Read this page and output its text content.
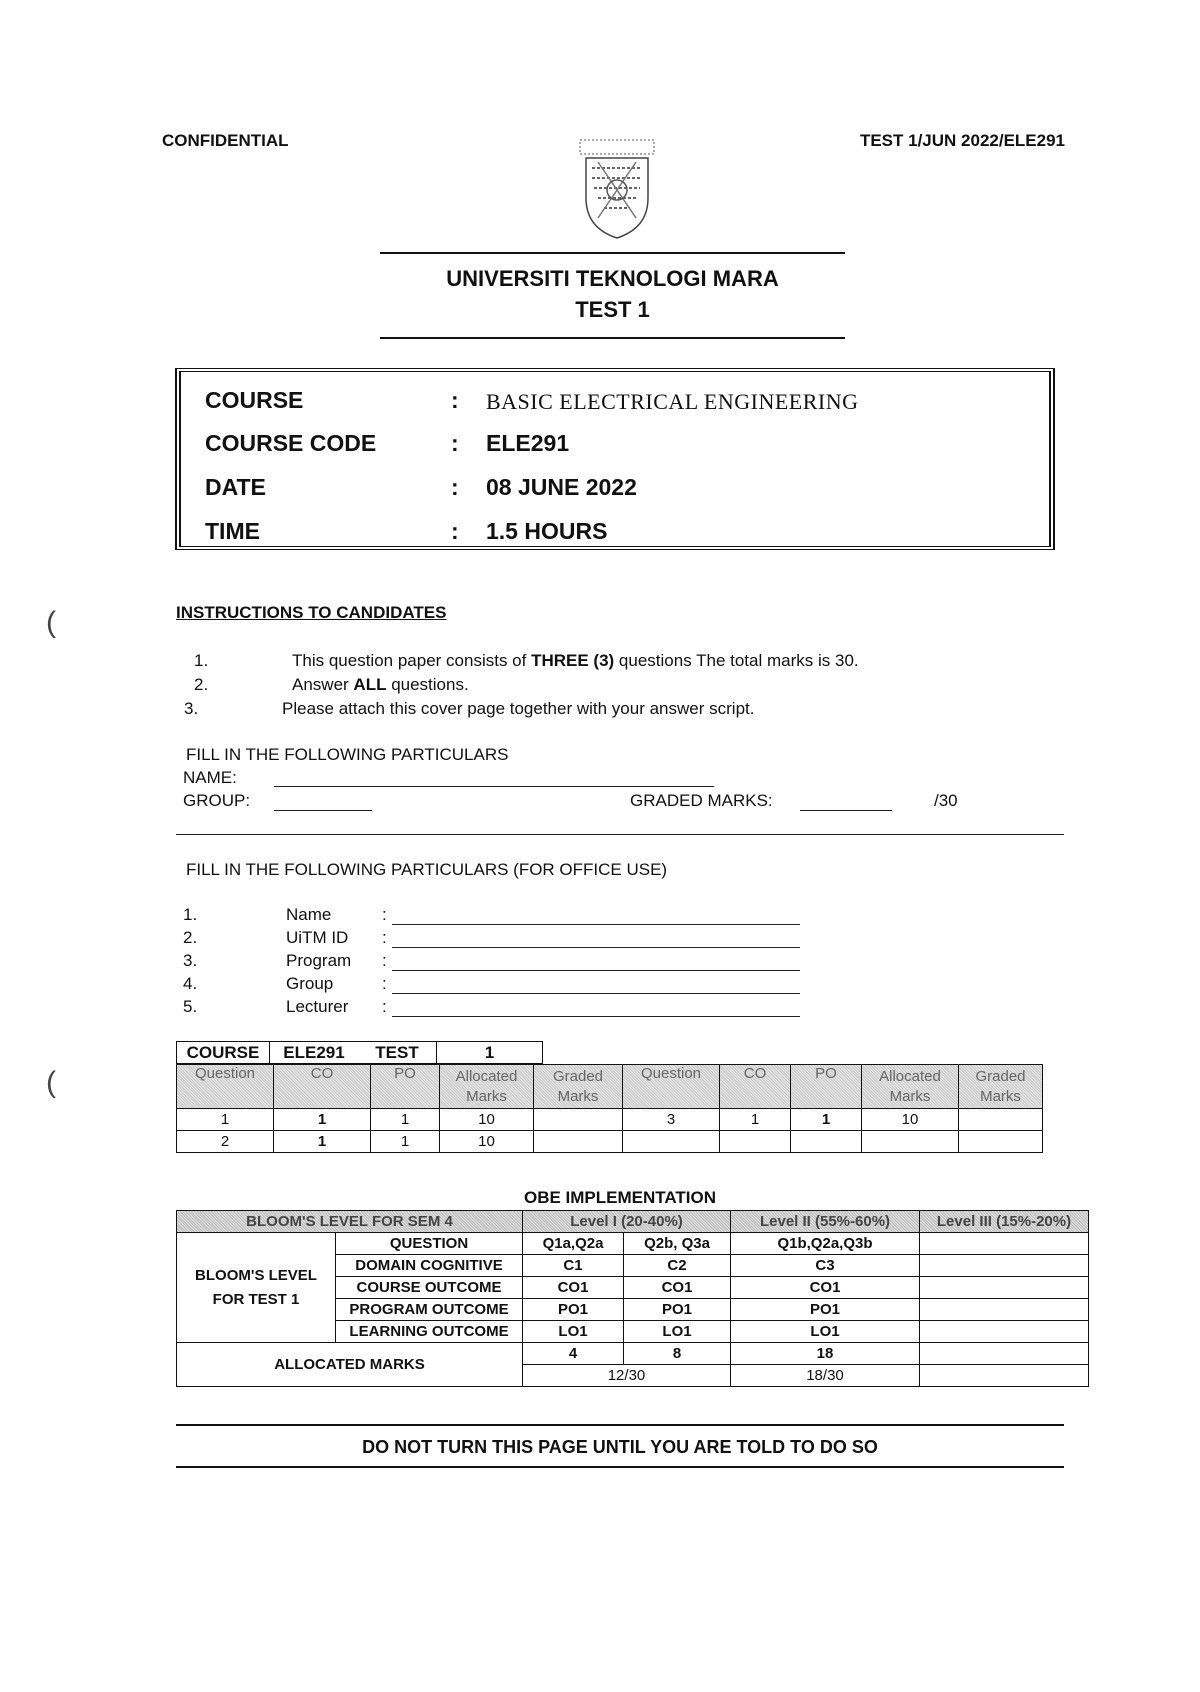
CONFIDENTIAL	TEST 1/JUN 2022/ELE291
UNIVERSITI TEKNOLOGI MARA
TEST 1
COURSE	: BASIC ELECTRICAL ENGINEERING
COURSE CODE	: ELE291
DATE	: 08 JUNE 2022
TIME	: 1.5 HOURS
(
(
INSTRUCTIONS TO CANDIDATES
1.	This question paper consists of THREE (3) questions The total marks is 30.
2.	Answer ALL questions.
3.	Please attach this cover page together with your answer script.
FILL IN THE FOLLOWING PARTICULARS
NAME:
GROUP:	GRADED MARKS:	/30
FILL IN THE FOLLOWING PARTICULARS (FOR OFFICE USE)
1.	Name	:
2.	UiTM ID :
3.	Program :
4.	Group	:
5.	Lecturer :
COURSE	ELE291	TEST	1
Question	CO	PO	Allocated Marks	Graded Marks	Question	CO	PO	Allocated Marks	Graded Marks
1	1	1	10		3	1	1	10	
2	1	1	10						
OBE IMPLEMENTATION
BLOOM'S LEVEL FOR SEM 4		Level I (20-40%)		Level II (55%-60%)	Level III (15%-20%)
BLOOM'S LEVEL FOR TEST 1	QUESTION	Q1a,Q2a	Q2b, Q3a	Q1b,Q2a,Q3b	
	DOMAIN COGNITIVE	C1	C2	C3	
	COURSE OUTCOME	CO1	CO1	CO1	
	PROGRAM OUTCOME	PO1	PO1	PO1	
	LEARNING OUTCOME	LO1	LO1	LO1	
ALLOCATED MARKS		4	8	18	
		12/30		18/30	
DO NOT TURN THIS PAGE UNTIL YOU ARE TOLD TO DO SO
